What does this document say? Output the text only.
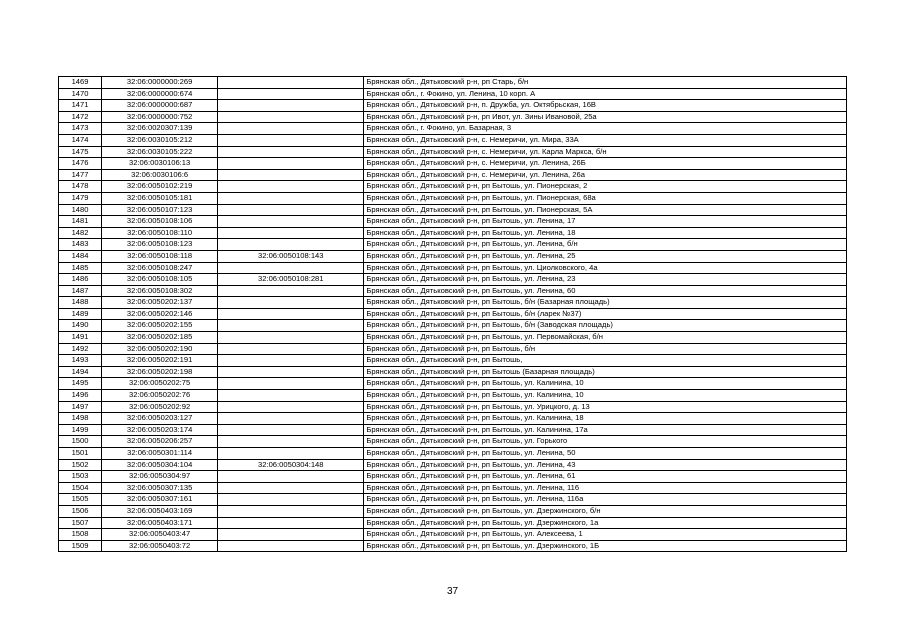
1469	32:06:0000000:269		Брянская обл., Дятьковский р-н, рп Старь, б/н
1470	32:06:0000000:674		Брянская обл., г. Фокино, ул. Ленина, 10 корп. А
1471	32:06:0000000:687		Брянская обл., Дятьковский р-н, п. Дружба, ул. Октябрьская, 16В
1472	32:06:0000000:752		Брянская обл., Дятьковский р-н, рп Ивот, ул. Зины Ивановой, 25а
1473	32:06:0020307:139		Брянская обл., г. Фокино, ул. Базарная, 3
1474	32:06:0030105:212		Брянская обл., Дятьковский р-н, с. Немеричи, ул. Мира, 33А
1475	32:06:0030105:222		Брянская обл., Дятьковский р-н, с. Немеричи, ул. Карла Маркса, б/н
1476	32:06:0030106:13		Брянская обл., Дятьковский р-н, с. Немеричи, ул. Ленина, 26Б
1477	32:06:0030106:6		Брянская обл., Дятьковский р-н, с. Немеричи, ул. Ленина, 26а
1478	32:06:0050102:219		Брянская обл., Дятьковский р-н, рп Бытошь, ул. Пионерская, 2
1479	32:06:0050105:181		Брянская обл., Дятьковский р-н, рп Бытошь, ул. Пионерская, 68а
1480	32:06:0050107:123		Брянская обл., Дятьковский р-н, рп Бытошь, ул. Пионерская, 5А
1481	32:06:0050108:106		Брянская обл., Дятьковский р-н, рп Бытошь, ул. Ленина, 17
1482	32:06:0050108:110		Брянская обл., Дятьковский р-н, рп Бытошь, ул. Ленина, 18
1483	32:06:0050108:123		Брянская обл., Дятьковский р-н, рп Бытошь, ул. Ленина, б/н
1484	32:06:0050108:118	32:06:0050108:143	Брянская обл., Дятьковский р-н, рп Бытошь, ул. Ленина, 25
1485	32:06:0050108:247		Брянская обл., Дятьковский р-н, рп Бытошь, ул. Циолковского, 4а
1486	32:06:0050108:105	32:06:0050108:281	Брянская обл., Дятьковский р-н, рп Бытошь, ул. Ленина, 23
1487	32:06:0050108:302		Брянская обл., Дятьковский р-н, рп Бытошь, ул. Ленина, 60
1488	32:06:0050202:137		Брянская обл., Дятьковский р-н, рп Бытошь, б/н (Базарная площадь)
1489	32:06:0050202:146		Брянская обл., Дятьковский р-н, рп Бытошь, б/н (ларек №37)
1490	32:06:0050202:155		Брянская обл., Дятьковский р-н, рп Бытошь, б/н (Заводская площадь)
1491	32:06:0050202:185		Брянская обл., Дятьковский р-н, рп Бытошь, ул. Первомайская, б/н
1492	32:06:0050202:190		Брянская обл., Дятьковский р-н, рп Бытошь, б/н
1493	32:06:0050202:191		Брянская обл., Дятьковский р-н, рп Бытошь,
1494	32:06:0050202:198		Брянская обл., Дятьковский р-н, рп Бытошь (Базарная площадь)
1495	32:06:0050202:75		Брянская обл., Дятьковский р-н, рп Бытошь, ул. Калинина, 10
1496	32:06:0050202:76		Брянская обл., Дятьковский р-н, рп Бытошь, ул. Калинина, 10
1497	32:06:0050202:92		Брянская обл., Дятьковский р-н, рп Бытошь, ул. Урицкого, д. 13
1498	32:06:0050203:127		Брянская обл., Дятьковский р-н, рп Бытошь, ул. Калинина, 18
1499	32:06:0050203:174		Брянская обл., Дятьковский р-н, рп Бытошь, ул. Калинина, 17а
1500	32:06:0050206:257		Брянская обл., Дятьковский р-н, рп Бытошь, ул. Горького
1501	32:06:0050301:114		Брянская обл., Дятьковский р-н, рп Бытошь, ул. Ленина, 50
1502	32:06:0050304:104	32:06:0050304:148	Брянская обл., Дятьковский р-н, рп Бытошь, ул. Ленина, 43
1503	32:06:0050304:97		Брянская обл., Дятьковский р-н, рп Бытошь, ул. Ленина, 61
1504	32:06:0050307:135		Брянская обл., Дятьковский р-н, рп Бытошь, ул. Ленина, 116
1505	32:06:0050307:161		Брянская обл., Дятьковский р-н, рп Бытошь, ул. Ленина, 116а
1506	32:06:0050403:169		Брянская обл., Дятьковский р-н, рп Бытошь, ул. Дзержинского, б/н
1507	32:06:0050403:171		Брянская обл., Дятьковский р-н, рп Бытошь, ул. Дзержинского, 1а
1508	32:06:0050403:47		Брянская обл., Дятьковский р-н, рп Бытошь, ул. Алексеева, 1
1509	32:06:0050403:72		Брянская обл., Дятьковский р-н, рп Бытошь, ул. Дзержинского, 1Б
37
